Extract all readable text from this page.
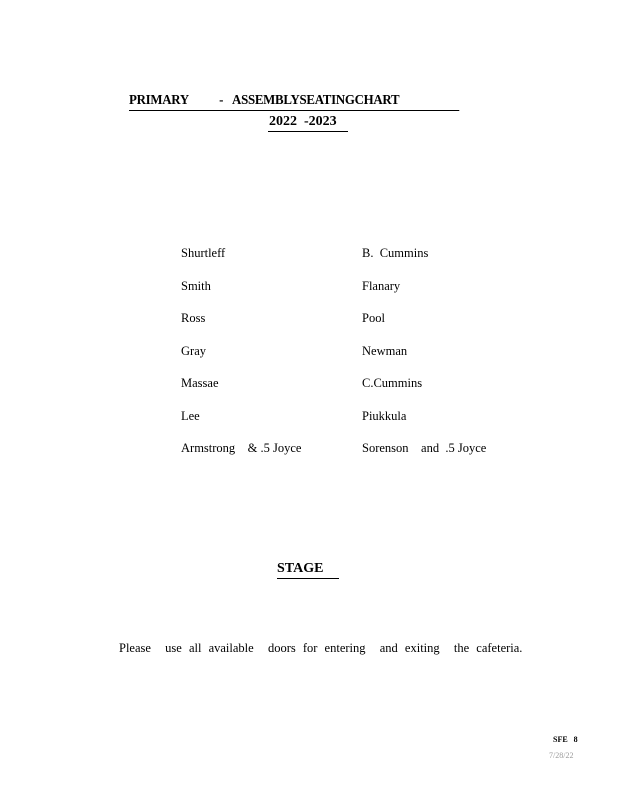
PRIMARY - ASSEMBLYSEATINGCHART
2022 -2023
Shurtleff
Smith
Ross
Gray
Massae
Lee
Armstrong    & .5 Joyce
B.  Cummins
Flanary
Pool
Newman
C.Cummins
Piukkula
Sorenson    and  .5 Joyce
STAGE
Please  use all available  doors for entering  and exiting  the cafeteria.
SFE   8
7/28/22
